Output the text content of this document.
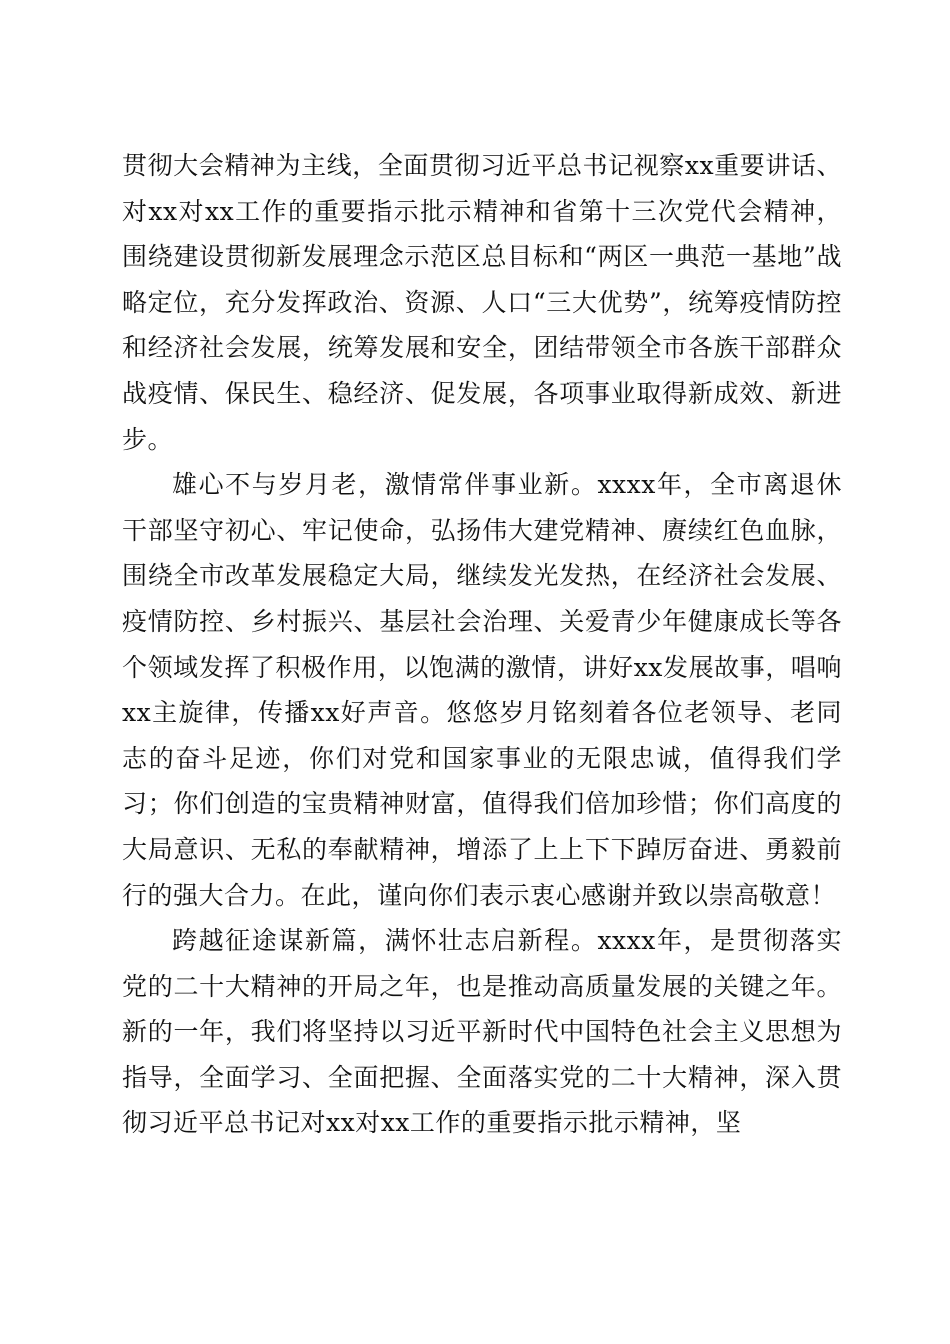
贯彻大会精神为主线，全面贯彻习近平总书记视察xx重要讲话、对xx对xx工作的重要指示批示精神和省第十三次党代会精神，围绕建设贯彻新发展理念示范区总目标和“两区一典范一基地”战略定位，充分发挥政治、资源、人口“三大优势”，统筹疫情防控和经济社会发展，统筹发展和安全，团结带领全市各族干部群众战疫情、保民生、稳经济、促发展，各项事业取得新成效、新进步。

雄心不与岁月老，激情常伴事业新。xxxx年，全市离退休干部坚守初心、牢记使命，弘扬伟大建党精神、赓续红色血脉，围绕全市改革发展稳定大局，继续发光发热，在经济社会发展、疫情防控、乡村振兴、基层社会治理、关爱青少年健康成长等各个领域发挥了积极作用，以饱满的激情，讲好xx发展故事，唱响xx主旋律，传播xx好声音。悠悠岁月铭刻着各位老领导、老同志的奋斗足迹，你们对党和国家事业的无限忠诚，值得我们学习；你们创造的宝贵精神财富，值得我们倍加珍惜；你们高度的大局意识、无私的奉献精神，增添了上上下下踔厉奋进、勇毅前行的强大合力。在此，谨向你们表示衷心感谢并致以崇高敬意！

跨越征途谋新篇，满怀壮志启新程。xxxx年，是贯彻落实党的二十大精神的开局之年，也是推动高质量发展的关键之年。新的一年，我们将坚持以习近平新时代中国特色社会主义思想为指导，全面学习、全面把握、全面落实党的二十大精神，深入贯彻习近平总书记对xx对xx工作的重要指示批示精神，坚
